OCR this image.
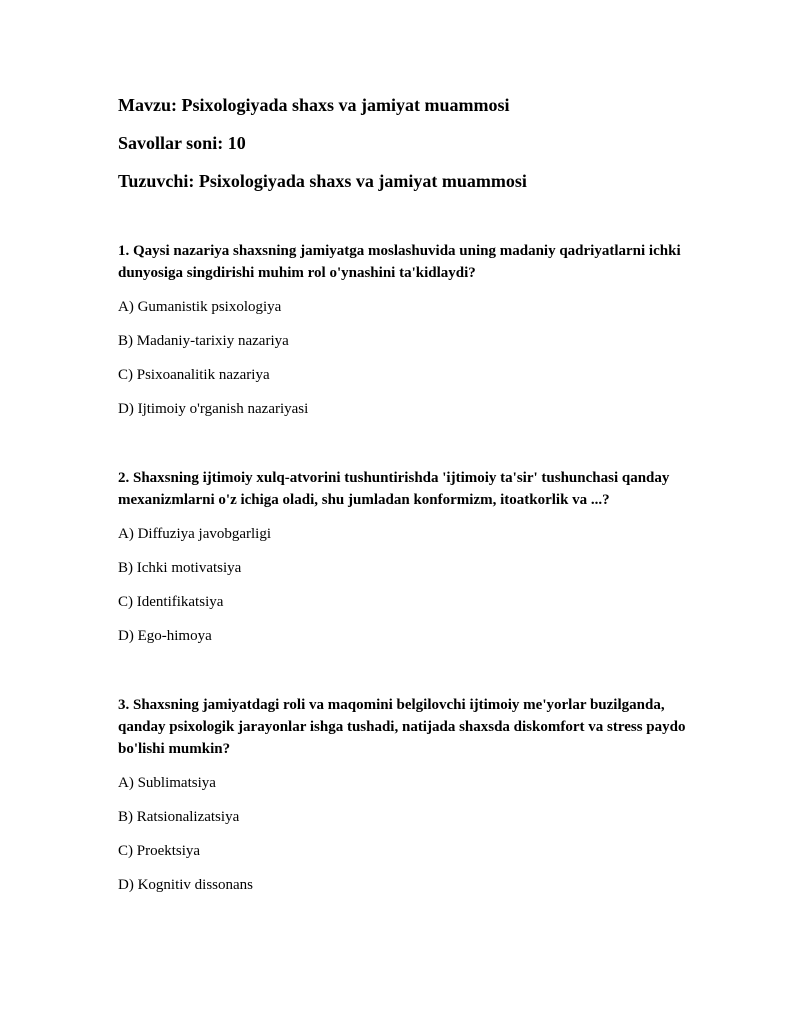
Mavzu: Psixologiyada shaxs va jamiyat muammosi
Savollar soni: 10
Tuzuvchi: Psixologiyada shaxs va jamiyat muammosi
1. Qaysi nazariya shaxsning jamiyatga moslashuvida uning madaniy qadriyatlarni ichki dunyosiga singdirishi muhim rol o'ynashini ta'kidlaydi?
A) Gumanistik psixologiya
B) Madaniy-tarixiy nazariya
C) Psixoanalitik nazariya
D) Ijtimoiy o'rganish nazariyasi
2. Shaxsning ijtimoiy xulq-atvorini tushuntirishda 'ijtimoiy ta'sir' tushunchasi qanday mexanizmlarni o'z ichiga oladi, shu jumladan konformizm, itoatkorlik va ...?
A) Diffuziya javobgarligi
B) Ichki motivatsiya
C) Identifikatsiya
D) Ego-himoya
3. Shaxsning jamiyatdagi roli va maqomini belgilovchi ijtimoiy me'yorlar buzilganda, qanday psixologik jarayonlar ishga tushadi, natijada shaxsda diskomfort va stress paydo bo'lishi mumkin?
A) Sublimatsiya
B) Ratsionalizatsiya
C) Proektsiya
D) Kognitiv dissonans
